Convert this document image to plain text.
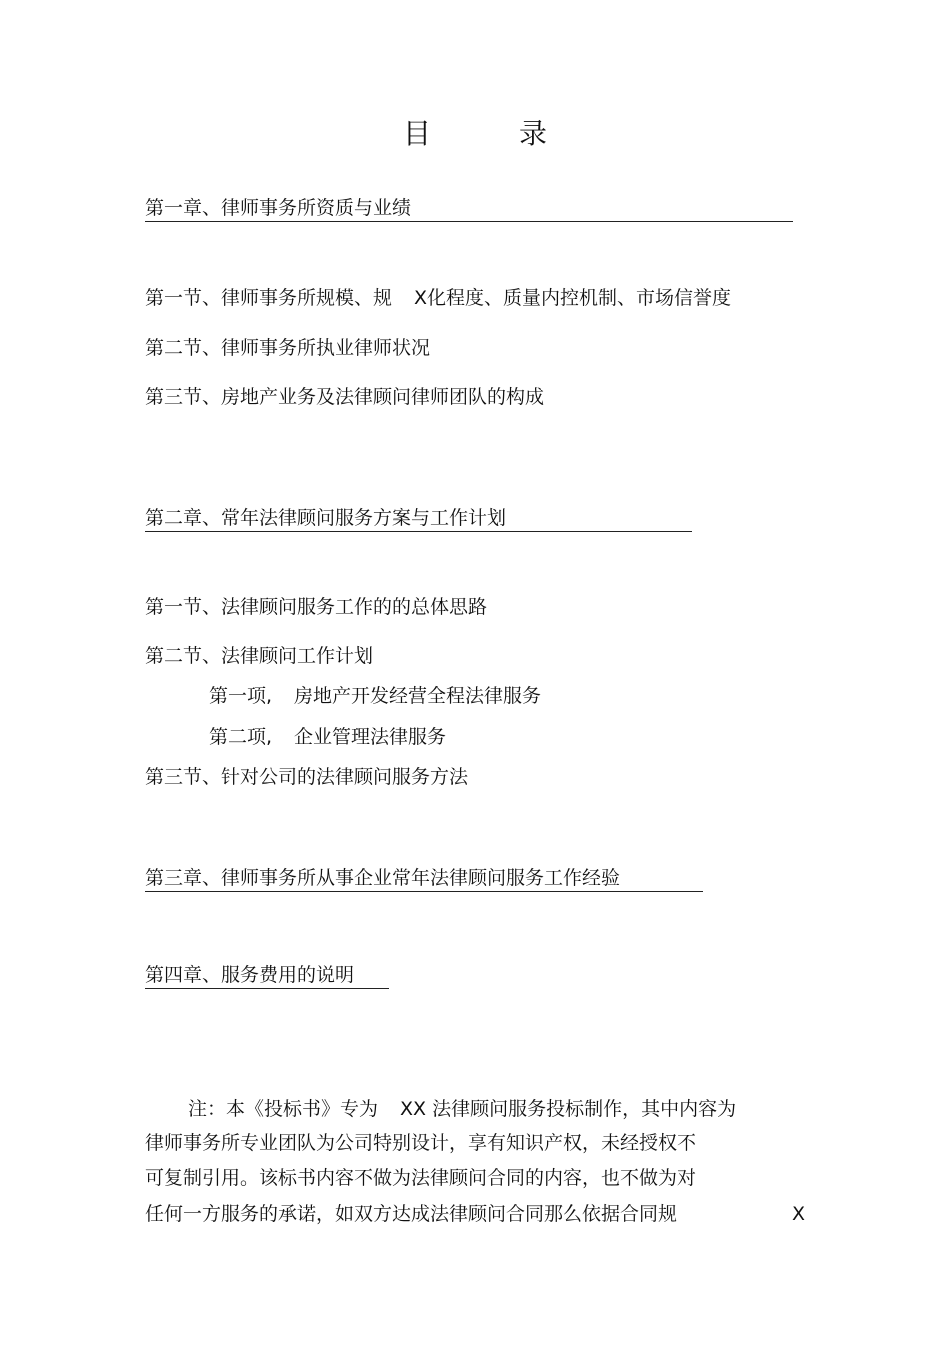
目　录
第一章、律师事务所资质与业绩
第一节、律师事务所规模、规 X化程度、质量内控机制、市场信誉度
第二节、律师事务所执业律师状况
第三节、房地产业务及法律顾问律师团队的构成
第二章、常年法律顾问服务方案与工作计划
第一节、法律顾问服务工作的的总体思路
第二节、法律顾问工作计划
第一项, 房地产开发经营全程法律服务
第二项, 企业管理法律服务
第三节、针对公司的法律顾问服务方法
第三章、律师事务所从事企业常年法律顾问服务工作经验
第四章、服务费用的说明
注：本《投标书》专为 XX 法律顾问服务投标制作，其中内容为
律师事务所专业团队为公司特别设计，享有知识产权，未经授权不
可复制引用。该标书内容不做为法律顾问合同的内容，也不做为对
任何一方服务的承诺，如双方达成法律顾问合同那么依据合同规	X
